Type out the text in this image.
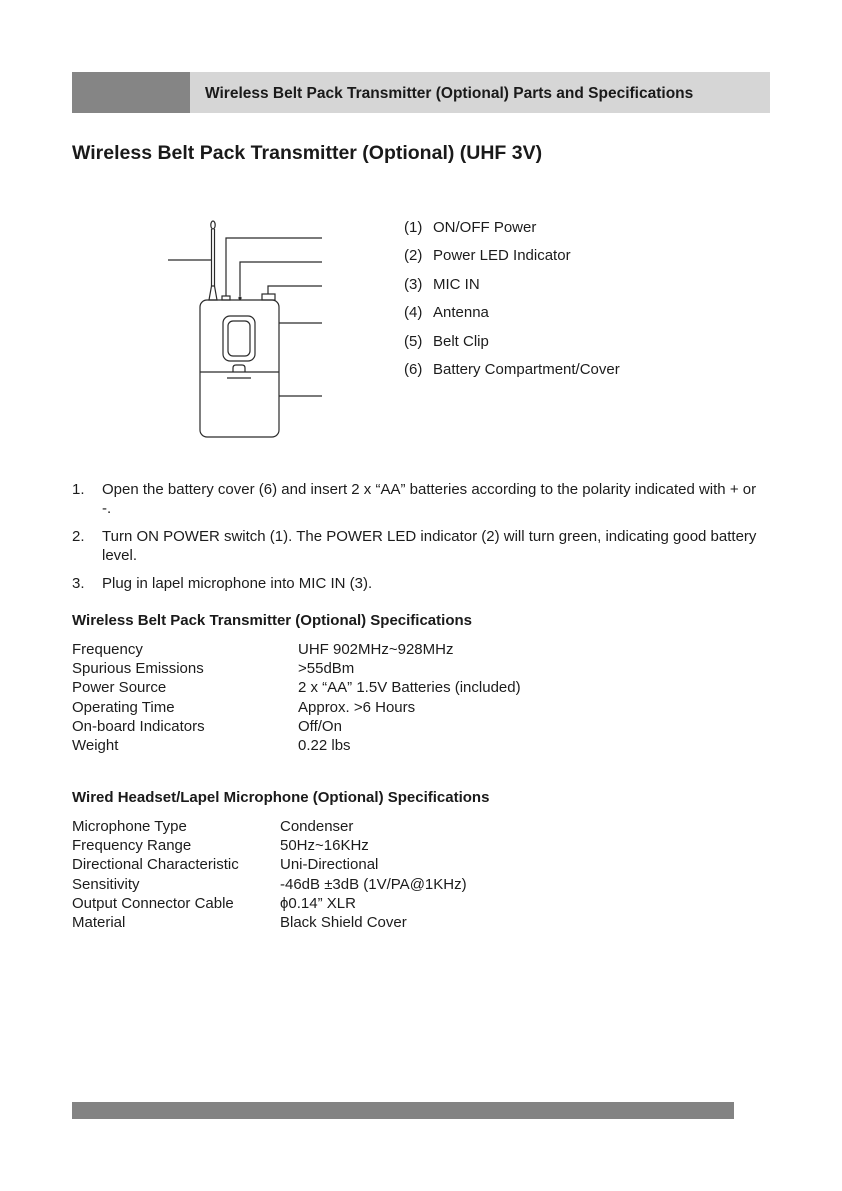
Wireless Belt Pack Transmitter (Optional) Parts and Specifications
Wireless Belt Pack Transmitter (Optional) (UHF 3V)
(1) ON/OFF Power
(2) Power LED Indicator
(3) MIC IN
(4) Antenna
(5) Belt Clip
(6) Battery Compartment/Cover
1. Open the battery cover (6) and insert 2 x “AA” batteries according to the polarity indicated with + or -.
2. Turn ON POWER switch (1). The POWER LED indicator (2) will turn green, indicating good battery level.
3. Plug in lapel microphone into MIC IN (3).
Wireless Belt Pack Transmitter (Optional) Specifications
Frequency	UHF 902MHz~928MHz
Spurious Emissions	>55dBm
Power Source	2 x “AA” 1.5V Batteries (included)
Operating Time	Approx. >6 Hours
On-board Indicators	Off/On
Weight	0.22 lbs
Wired Headset/Lapel Microphone (Optional) Specifications
Microphone Type	Condenser
Frequency Range	50Hz~16KHz
Directional Characteristic	Uni-Directional
Sensitivity	-46dB ±3dB (1V/PA@1KHz)
Output Connector Cable	ϕ0.14” XLR
Material	Black Shield Cover
